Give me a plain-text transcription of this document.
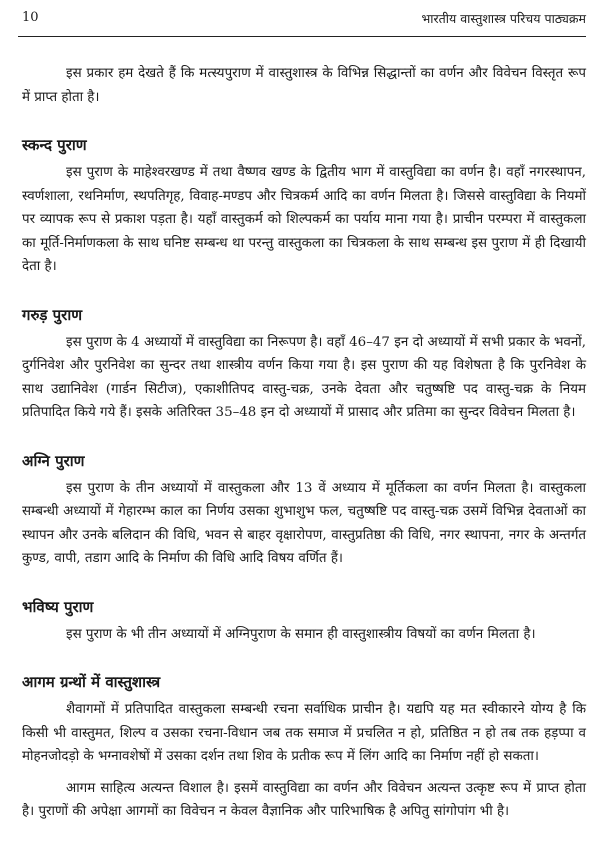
10	भारतीय वास्तुशास्त्र परिचय पाठ्यक्रम

इस प्रकार हम देखते हैं कि मत्स्यपुराण में वास्तुशास्त्र के विभिन्न सिद्धान्तों का वर्णन और विवेचन विस्तृत रूप में प्राप्त होता है।

स्कन्द पुराण

इस पुराण के माहेश्वरखण्ड में तथा वैष्णव खण्ड के द्वितीय भाग में वास्तुविद्या का वर्णन है। वहाँ नगरस्थापन, स्वर्णशाला, रथनिर्माण, स्थपतिगृह, विवाह-मण्डप और चित्रकर्म आदि का वर्णन मिलता है। जिससे वास्तुविद्या के नियमों पर व्यापक रूप से प्रकाश पड़ता है। यहाँ वास्तुकर्म को शिल्पकर्म का पर्याय माना गया है। प्राचीन परम्परा में वास्तुकला का मूर्ति-निर्माणकला के साथ घनिष्ट सम्बन्ध था परन्तु वास्तुकला का चित्रकला के साथ सम्बन्ध इस पुराण में ही दिखायी देता है।

गरुड़ पुराण

इस पुराण के 4 अध्यायों में वास्तुविद्या का निरूपण है। वहाँ 46–47 इन दो अध्यायों में सभी प्रकार के भवनों, दुर्गनिवेश और पुरनिवेश का सुन्दर तथा शास्त्रीय वर्णन किया गया है। इस पुराण की यह विशेषता है कि पुरनिवेश के साथ उद्यानिवेश (गार्डन सिटीज), एकाशीतिपद वास्तु-चक्र, उनके देवता और चतुष्षष्टि पद वास्तु-चक्र के नियम प्रतिपादित किये गये हैं। इसके अतिरिक्त 35–48 इन दो अध्यायों में प्रासाद और प्रतिमा का सुन्दर विवेचन मिलता है।

अग्नि पुराण

इस पुराण के तीन अध्यायों में वास्तुकला और 13 वें अध्याय में मूर्तिकला का वर्णन मिलता है। वास्तुकला सम्बन्धी अध्यायों में गेहारम्भ काल का निर्णय उसका शुभाशुभ फल, चतुष्षष्टि पद वास्तु-चक्र उसमें विभिन्न देवताओं का स्थापन और उनके बलिदान की विधि, भवन से बाहर वृक्षारोपण, वास्तुप्रतिष्ठा की विधि, नगर स्थापना, नगर के अन्तर्गत कुण्ड, वापी, तडाग आदि के निर्माण की विधि आदि विषय वर्णित हैं।

भविष्य पुराण

इस पुराण के भी तीन अध्यायों में अग्निपुराण के समान ही वास्तुशास्त्रीय विषयों का वर्णन मिलता है।

आगम ग्रन्थों में वास्तुशास्त्र

शैवागमों में प्रतिपादित वास्तुकला सम्बन्धी रचना सर्वाधिक प्राचीन है। यद्यपि यह मत स्वीकारने योग्य है कि किसी भी वास्तुमत, शिल्प व उसका रचना-विधान जब तक समाज में प्रचलित न हो, प्रतिष्ठित न हो तब तक हड़प्पा व मोहनजोदड़ो के भग्नावशेषों में उसका दर्शन तथा शिव के प्रतीक रूप में लिंग आदि का निर्माण नहीं हो सकता।

आगम साहित्य अत्यन्त विशाल है। इसमें वास्तुविद्या का वर्णन और विवेचन अत्यन्त उत्कृष्ट रूप में प्राप्त होता है। पुराणों की अपेक्षा आगमों का विवेचन न केवल वैज्ञानिक और पारिभाषिक है अपितु सांगोपांग भी है।
